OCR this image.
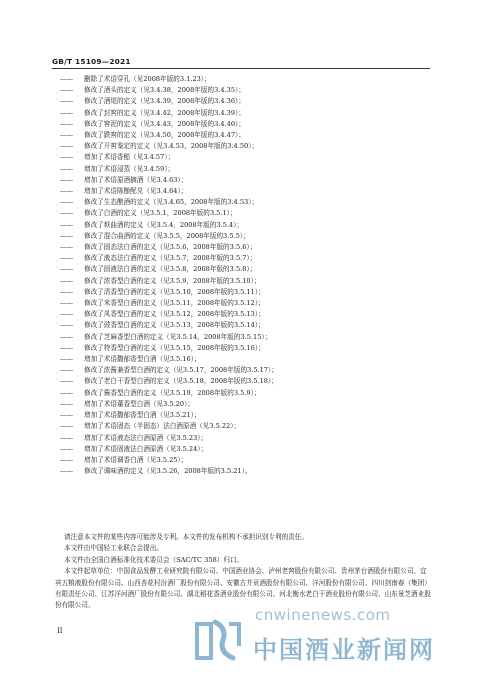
GB/T 15109—2021
—— 删除了术语穿孔（见2008年版的3.1.23）；
—— 修改了酒头的定义（见3.4.38，2008年版的3.4.35）；
—— 修改了酒尾的定义（见3.4.39，2008年版的3.4.36）；
—— 修改了封窖的定义（见3.4.42，2008年版的3.4.39）；
—— 修改了窖泥的定义（见3.4.43，2008年版的3.4.40）；
—— 修改了跌窖的定义（见3.4.50，2008年版的3.4.47）；
—— 修改了开窖鉴定的定义（见3.4.53，2008年版的3.4.50）；
—— 增加了术语香醅（见3.4.57）；
—— 增加了术语浸蒸（见3.4.59）；
—— 增加了术语原酒摘酒（见3.4.63）；
—— 增加了术语陈酿配兑（见3.4.64）；
—— 修改了生态酿酒的定义（见3.4.65，2008年版的3.4.53）；
—— 修改了白酒的定义（见3.5.1，2008年版的3.5.1）；
—— 修改了麸曲酒的定义（见3.5.4，2008年版的3.5.4）；
—— 修改了混合曲酒的定义（见3.5.5，2008年版的3.5.5）；
—— 修改了固态法白酒的定义（见3.5.6，2008年版的3.5.6）；
—— 修改了液态法白酒的定义（见3.5.7，2008年版的3.5.7）；
—— 修改了固液法白酒的定义（见3.5.8，2008年版的3.5.8）；
—— 修改了浓香型白酒的定义（见3.5.9，2008年版的3.5.10）；
—— 修改了清香型白酒的定义（见3.5.10，2008年版的3.5.11）；
—— 修改了米香型白酒的定义（见3.5.11，2008年版的3.5.12）；
—— 修改了凤香型白酒的定义（见3.5.12，2008年版的3.5.13）；
—— 修改了豉香型白酒的定义（见3.5.13，2008年版的3.5.14）；
—— 修改了芝麻香型白酒的定义（见3.5.14，2008年版的3.5.15）；
—— 修改了特香型白酒的定义（见3.5.15，2008年版的3.5.16）；
—— 增加了术语馥郁香型白酒（见3.5.16）；
—— 修改了浓酱兼香型白酒的定义（见3.5.17，2008年版的3.5.17）；
—— 修改了老白干香型白酒的定义（见3.5.18，2008年版的3.5.18）；
—— 修改了酱香型白酒的定义（见3.5.19，2008年版的3.5.9）；
—— 增加了术语董香型白酒（见3.5.20）；
—— 增加了术语馥郁香型白酒（见3.5.21）；
—— 增加了术语固态（半固态）法白酒原酒（见3.5.22）；
—— 增加了术语液态法白酒原酒（见3.5.23）；
—— 增加了术语固液法白酒原酒（见3.5.24）；
—— 增加了术语调香白酒（见3.5.25）；
—— 修改了调味酒的定义（见3.5.26，2008年版的3.5.21）。

请注意本文件的某些内容可能涉及专利。本文件的发布机构不承担识别专利的责任。

本文件由中国轻工业联合会提出。

本文件由全国白酒标准化技术委员会（SAC/TC 358）归口。

本文件起草单位：中国食品发酵工业研究院有限公司、中国酒业协会、泸州老窖股份有限公司、贵州茅台酒股份有限公司、宜宾五粮液股份有限公司、山西杏花村汾酒厂股份有限公司、安徽古井贡酒股份有限公司、洋河股份有限公司、四川剑南春（集团）有限责任公司、江苏洋河酒厂股份有限公司、湖北稻花香酒业股份有限公司、河北衡水老白干酒业股份有限公司、山东景芝酒业股份有限公司、

II
cnwinenews.com
中国酒业新闻网
